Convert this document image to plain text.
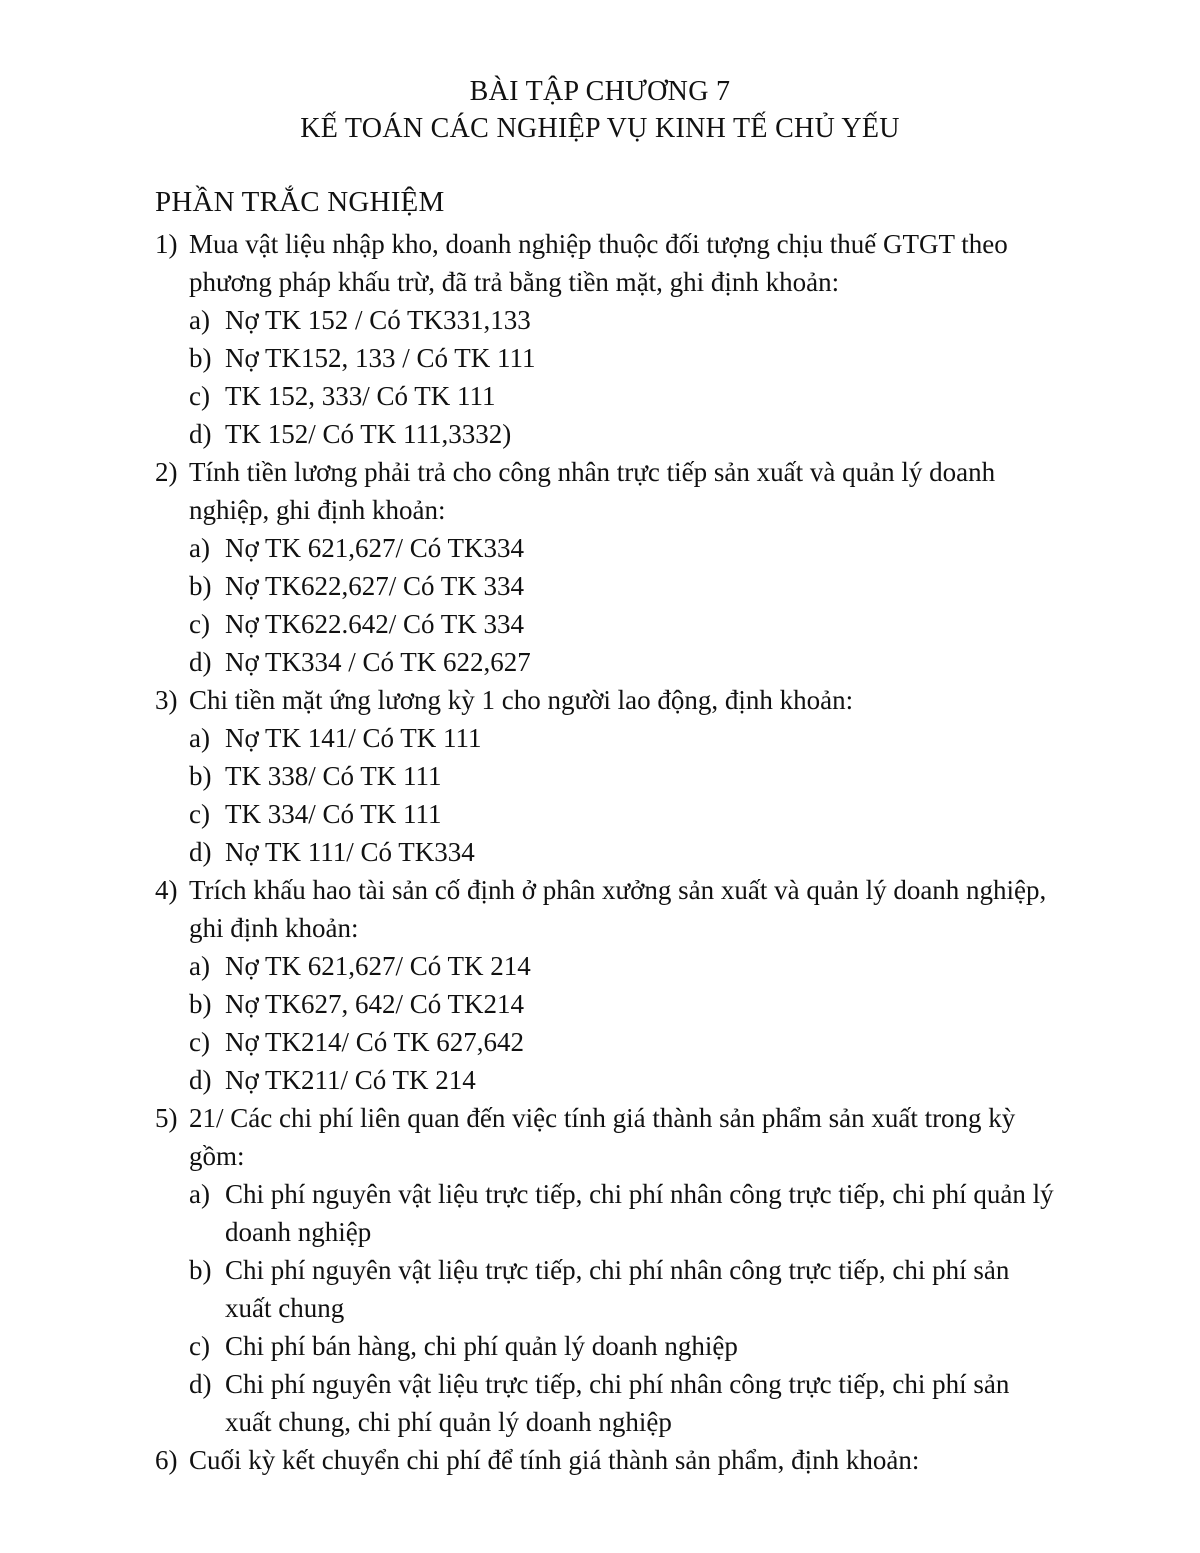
BÀI TẬP CHƯƠNG 7
KẾ TOÁN CÁC NGHIỆP VỤ KINH TẾ CHỦ YẾU
PHẦN TRẮC NGHIỆM
1) Mua vật liệu nhập kho, doanh nghiệp thuộc đối tượng chịu thuế GTGT theo phương pháp khấu trừ, đã trả bằng tiền mặt, ghi định khoản:
a) Nợ TK 152 / Có TK331,133
b) Nợ TK152, 133 / Có TK 111
c) TK 152, 333/ Có TK 111
d) TK 152/ Có TK 111,3332)
2) Tính tiền lương phải trả cho công nhân trực tiếp sản xuất và quản lý doanh nghiệp, ghi định khoản:
a) Nợ TK 621,627/ Có TK334
b) Nợ TK622,627/ Có TK 334
c) Nợ TK622.642/ Có TK 334
d) Nợ TK334 / Có TK 622,627
3) Chi tiền mặt ứng lương kỳ 1 cho người lao động, định khoản:
a) Nợ TK 141/ Có TK 111
b) TK 338/ Có TK 111
c) TK 334/ Có TK 111
d) Nợ TK 111/ Có TK334
4) Trích khấu hao tài sản cố định ở phân xưởng sản xuất và quản lý doanh nghiệp, ghi định khoản:
a) Nợ TK 621,627/ Có TK 214
b) Nợ TK627, 642/ Có TK214
c) Nợ TK214/ Có TK 627,642
d) Nợ TK211/ Có TK 214
5) 21/ Các chi phí liên quan đến việc tính giá thành sản phẩm sản xuất trong kỳ gồm:
a) Chi phí nguyên vật liệu trực tiếp, chi phí nhân công trực tiếp, chi phí quản lý doanh nghiệp
b) Chi phí nguyên vật liệu trực tiếp, chi phí nhân công trực tiếp, chi phí sản xuất chung
c) Chi phí bán hàng, chi phí quản lý doanh nghiệp
d) Chi phí nguyên vật liệu trực tiếp, chi phí nhân công trực tiếp, chi phí sản xuất chung, chi phí quản lý doanh nghiệp
6) Cuối kỳ kết chuyển chi phí để tính giá thành sản phẩm, định khoản:
